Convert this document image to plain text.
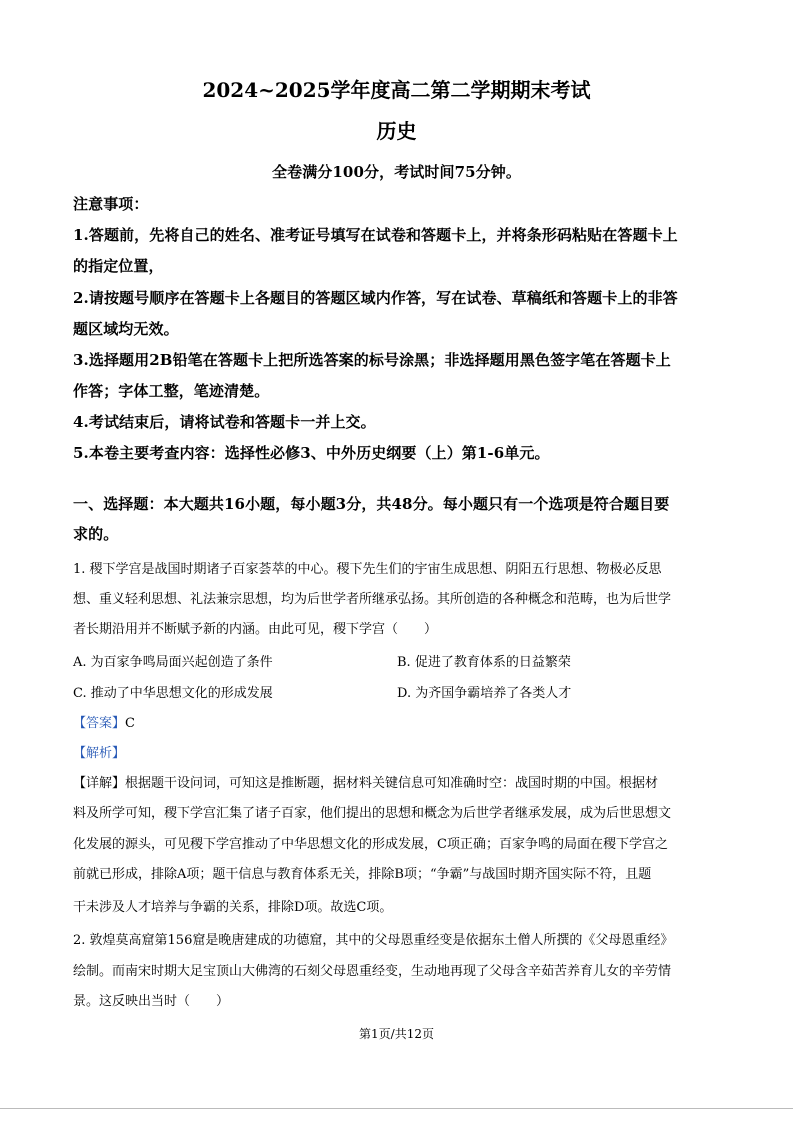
2024~2025学年度高二第二学期期末考试
历史
全卷满分100分，考试时间75分钟。
注意事项：
1.答题前，先将自己的姓名、准考证号填写在试卷和答题卡上，并将条形码粘贴在答题卡上
的指定位置，
2.请按题号顺序在答题卡上各题目的答题区域内作答，写在试卷、草稿纸和答题卡上的非答
题区域均无效。
3.选择题用2B铅笔在答题卡上把所选答案的标号涂黑；非选择题用黑色签字笔在答题卡上
作答；字体工整，笔迹清楚。
4.考试结束后，请将试卷和答题卡一并上交。
5.本卷主要考查内容：选择性必修3、中外历史纲要（上）第1-6单元。
一、选择题：本大题共16小题，每小题3分，共48分。每小题只有一个选项是符合题目要
求的。
1. 稷下学宫是战国时期诸子百家荟萃的中心。稷下先生们的宇宙生成思想、阴阳五行思想、物极必反思
想、重义轻利思想、礼法兼宗思想，均为后世学者所继承弘扬。其所创造的各种概念和范畴，也为后世学
者长期沿用并不断赋予新的内涵。由此可见，稷下学宫（　　）
A. 为百家争鸣局面兴起创造了条件	B. 促进了教育体系的日益繁荣
C. 推动了中华思想文化的形成发展	D. 为齐国争霸培养了各类人才
【答案】C
【解析】
【详解】根据题干设问词，可知这是推断题，据材料关键信息可知准确时空：战国时期的中国。根据材
料及所学可知，稷下学宫汇集了诸子百家，他们提出的思想和概念为后世学者继承发展，成为后世思想文
化发展的源头，可见稷下学宫推动了中华思想文化的形成发展，C项正确；百家争鸣的局面在稷下学宫之
前就已形成，排除A项；题干信息与教育体系无关，排除B项；“争霸”与战国时期齐国实际不符，且题
干未涉及人才培养与争霸的关系，排除D项。故选C项。
2. 敦煌莫高窟第156窟是晚唐建成的功德窟，其中的父母恩重经变是依据东土僧人所撰的《父母恩重经》
绘制。而南宋时期大足宝顶山大佛湾的石刻父母恩重经变，生动地再现了父母含辛茹苦养育儿女的辛劳情
景。这反映出当时（　　）
第1页/共12页
